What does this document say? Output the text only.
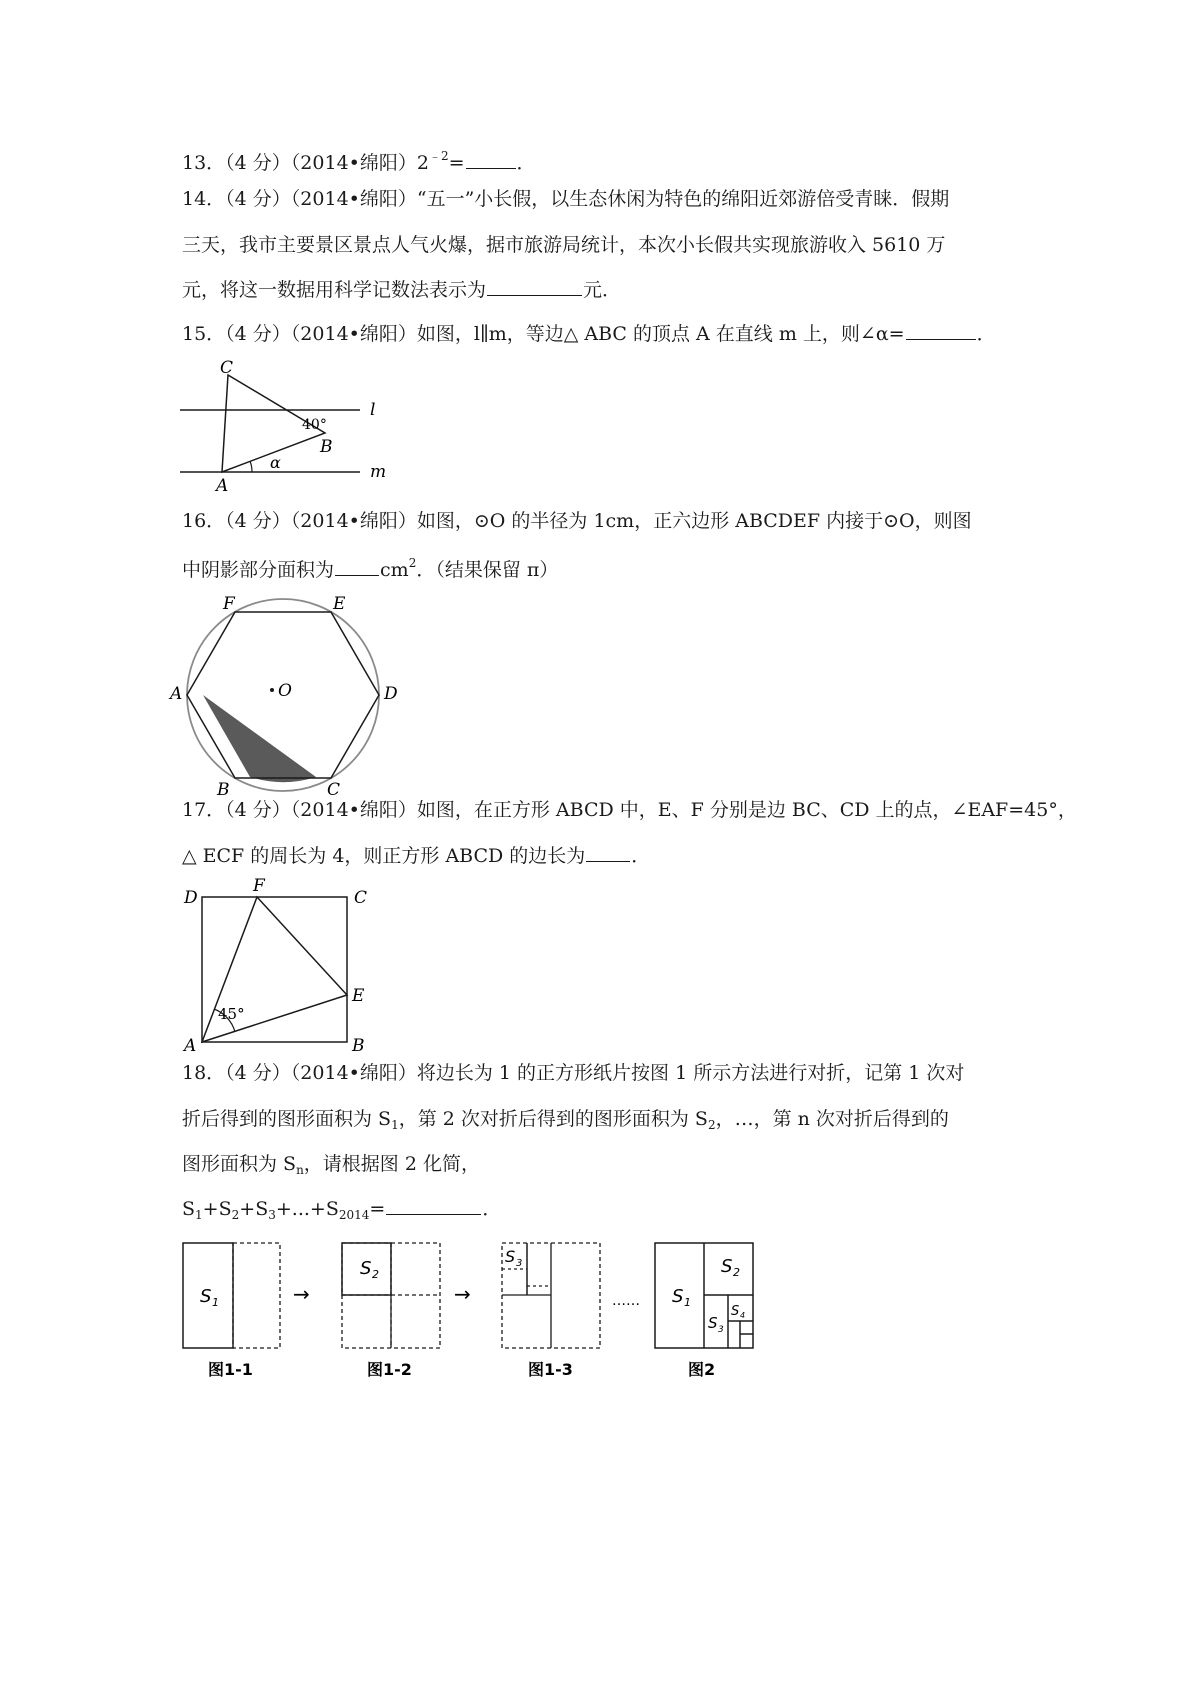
13．（4 分）（2014•绵阳）$2^{﹣2}=$	．
14．（4 分）（2014•绵阳）“五一”小长假，以生态休闲为特色的绵阳近郊游倍受青睐．假期
三天，我市主要景区景点人气火爆，据市旅游局统计，本次小长假共实现旅游收入 5610 万
元，将这一数据用科学记数法表示为	元．
15．（4 分）（2014•绵阳）如图，l∥m，等边△ ABC 的顶点 A 在直线 m 上，则∠α=	．
C
B
A
l
m
40°
α
16．（4 分）（2014•绵阳）如图，⊙O 的半径为 1cm，正六边形 ABCDEF 内接于⊙O，则图
中阴影部分面积为 $cm^2$．（结果保留 π）
O
A
B	C
D
E
F
17．（4 分）（2014•绵阳）如图，在正方形 ABCD 中，E、F 分别是边 BC、CD 上的点，∠EAF=45°，
△ ECF 的周长为 4，则正方形 ABCD 的边长为 ．
D
F
C
E
A	B
45°
18．（4 分）（2014•绵阳）将边长为 1 的正方形纸片按图 1 所示方法进行对折，记第 1 次对
折后得到的图形面积为 $S_1$，第 2 次对折后得到的图形面积为 $S_2$，…，第 n 次对折后得到的
图形面积为 $S_n$，请根据图 2 化简，
$S_1+S_2+S_3+...+S_{2014}=$	．
S 1
图1-1
→
S 2
图1-2
→
S 3
图1-3
…… S 1
S 2
S 3
S 4
图2
